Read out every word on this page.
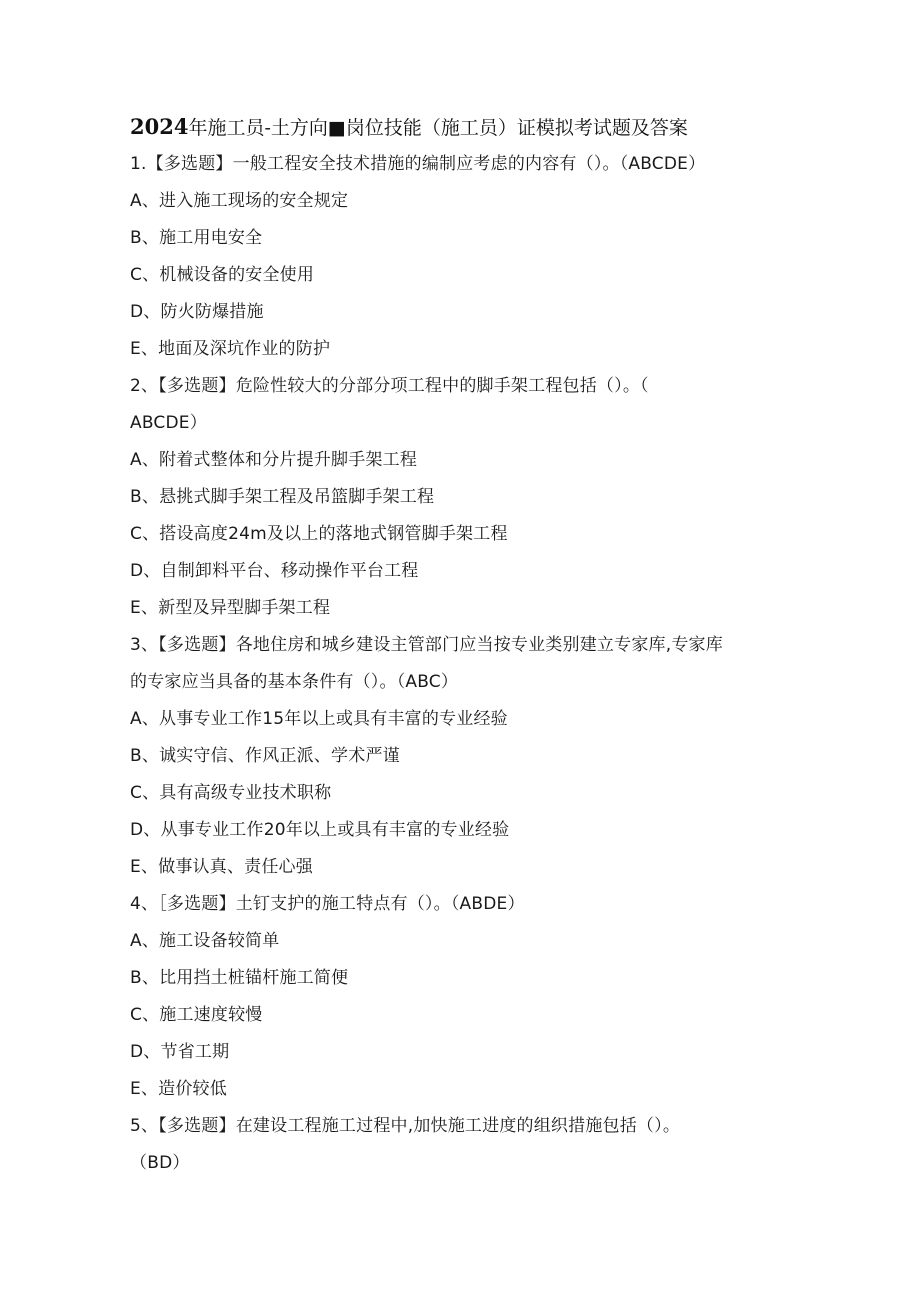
2024年施工员-土方向■岗位技能（施工员）证模拟考试题及答案
1.【多选题】一般工程安全技术措施的编制应考虑的内容有（）。（ABCDE）
A、进入施工现场的安全规定
B、施工用电安全
C、机械设备的安全使用
D、防火防爆措施
E、地面及深坑作业的防护
2、【多选题】危险性较大的分部分项工程中的脚手架工程包括（）。（
ABCDE）
A、附着式整体和分片提升脚手架工程
B、悬挑式脚手架工程及吊篮脚手架工程
C、搭设高度24m及以上的落地式钢管脚手架工程
D、自制卸料平台、移动操作平台工程
E、新型及异型脚手架工程
3、【多选题】各地住房和城乡建设主管部门应当按专业类别建立专家库,专家库
的专家应当具备的基本条件有（）。（ABC）
A、从事专业工作15年以上或具有丰富的专业经验
B、诚实守信、作风正派、学术严谨
C、具有高级专业技术职称
D、从事专业工作20年以上或具有丰富的专业经验
E、做事认真、责任心强
4、［多选题】土钉支护的施工特点有（）。（ABDE）
A、施工设备较简单
B、比用挡土桩锚杆施工简便
C、施工速度较慢
D、节省工期
E、造价较低
5、【多选题】在建设工程施工过程中,加快施工进度的组织措施包括（）。
（BD）
